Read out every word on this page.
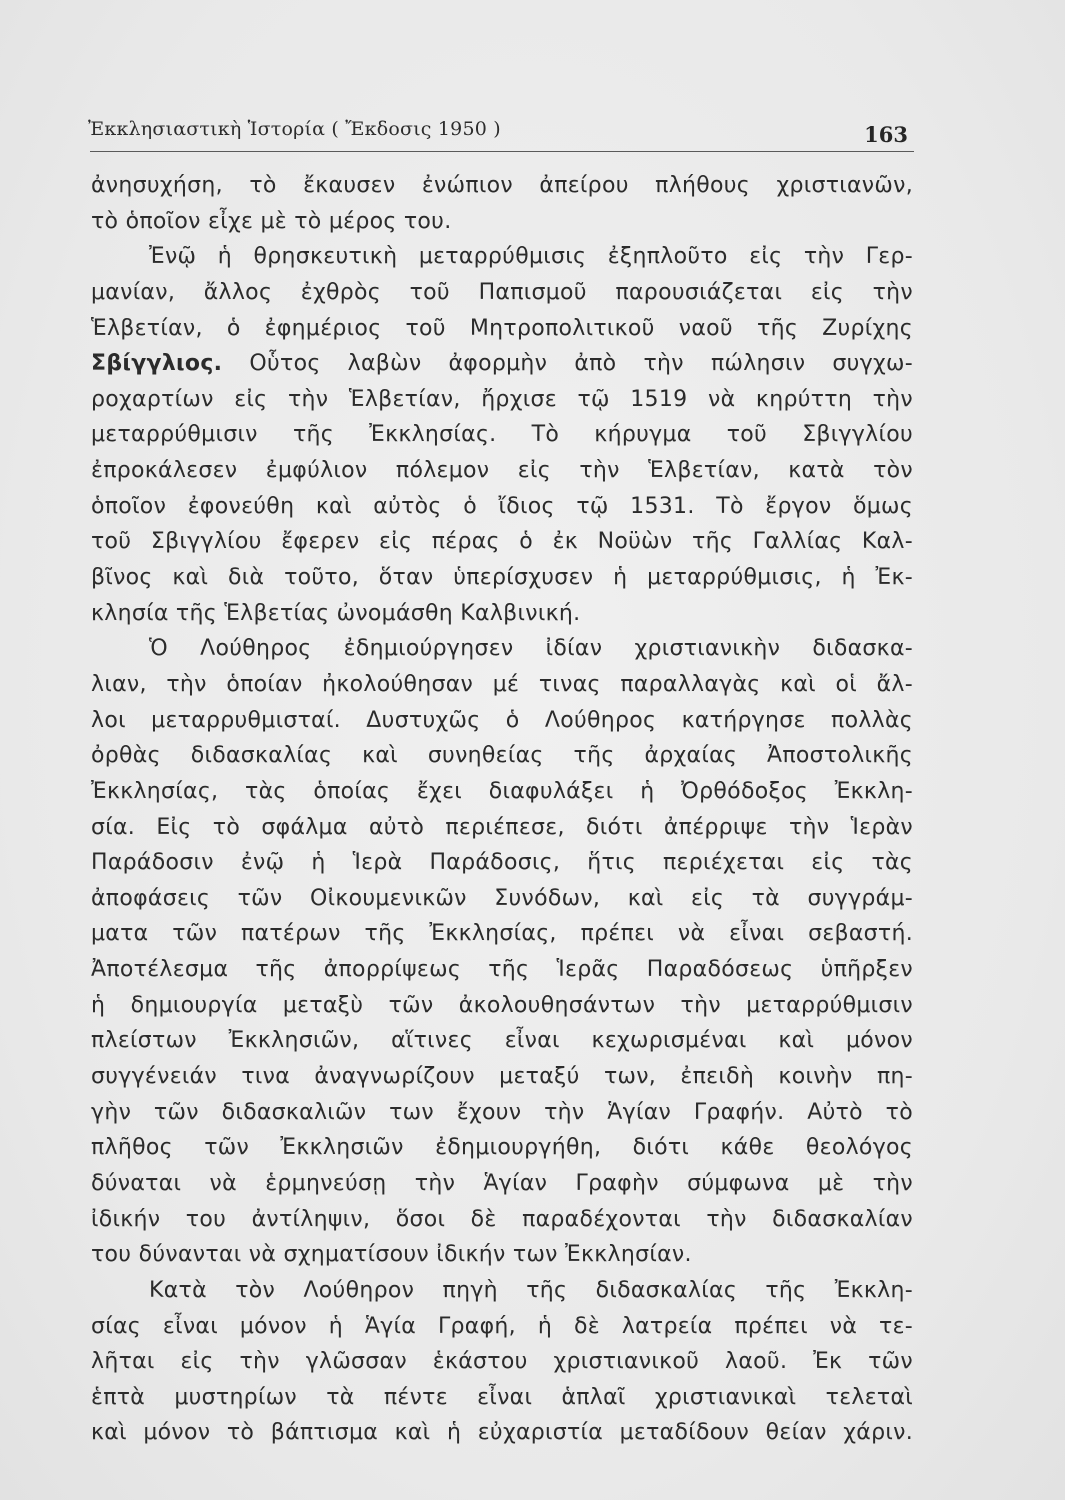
Ἐκκλησιαστικὴ Ἱστορία ( Ἔκδοσις 1950 )	163
ἀνησυχήση, τὸ ἔκαυσεν ἐνώπιον ἀπείρου πλήθους χριστιανῶν,
τὸ ὁποῖον εἶχε μὲ τὸ μέρος του.
Ἐνῷ ἡ θρησκευτικὴ μεταρρύθμισις ἐξηπλοῦτο εἰς τὴν Γερ-
μανίαν, ἄλλος ἐχθρὸς τοῦ Παπισμοῦ παρουσιάζεται εἰς τὴν
Ἑλβετίαν, ὁ ἐφημέριος τοῦ Μητροπολιτικοῦ ναοῦ τῆς Ζυρίχης
Σβίγγλιος. Οὗτος λαβὼν ἀφορμὴν ἀπὸ τὴν πώλησιν συγχω-
ροχαρτίων εἰς τὴν Ἑλβετίαν, ἤρχισε τῷ 1519 νὰ κηρύττη τὴν
μεταρρύθμισιν τῆς Ἐκκλησίας. Τὸ κήρυγμα τοῦ Σβιγγλίου
ἐπροκάλεσεν ἐμφύλιον πόλεμον εἰς τὴν Ἑλβετίαν, κατὰ τὸν
ὁποῖον ἐφονεύθη καὶ αὐτὸς ὁ ἴδιος τῷ 1531. Τὸ ἔργον ὅμως
τοῦ Σβιγγλίου ἔφερεν εἰς πέρας ὁ ἐκ Νοϋὼν τῆς Γαλλίας Καλ-
βῖνος καὶ διὰ τοῦτο, ὅταν ὑπερίσχυσεν ἡ μεταρρύθμισις, ἡ Ἐκ-
κλησία τῆς Ἑλβετίας ὠνομάσθη Καλβινική.
Ὁ Λούθηρος ἐδημιούργησεν ἰδίαν χριστιανικὴν διδασκα-
λιαν, τὴν ὁποίαν ἠκολούθησαν μέ τινας παραλλαγὰς καὶ οἱ ἄλ-
λοι μεταρρυθμισταί. Δυστυχῶς ὁ Λούθηρος κατήργησε πολλὰς
ὀρθὰς διδασκαλίας καὶ συνηθείας τῆς ἀρχαίας Ἀποστολικῆς
Ἐκκλησίας, τὰς ὁποίας ἔχει διαφυλάξει ἡ Ὀρθόδοξος Ἐκκλη-
σία. Εἰς τὸ σφάλμα αὐτὸ περιέπεσε, διότι ἀπέρριψε τὴν Ἱερὰν
Παράδοσιν ἐνῷ ἡ Ἱερὰ Παράδοσις, ἥτις περιέχεται εἰς τὰς
ἀποφάσεις τῶν Οἰκουμενικῶν Συνόδων, καὶ εἰς τὰ συγγράμ-
ματα τῶν πατέρων τῆς Ἐκκλησίας, πρέπει νὰ εἶναι σεβαστή.
Ἀποτέλεσμα τῆς ἀπορρίψεως τῆς Ἱερᾶς Παραδόσεως ὑπῆρξεν
ἡ δημιουργία μεταξὺ τῶν ἀκολουθησάντων τὴν μεταρρύθμισιν
πλείστων Ἐκκλησιῶν, αἵτινες εἶναι κεχωρισμέναι καὶ μόνον
συγγένειάν τινα ἀναγνωρίζουν μεταξύ των, ἐπειδὴ κοινὴν πη-
γὴν τῶν διδασκαλιῶν των ἔχουν τὴν Ἁγίαν Γραφήν. Αὐτὸ τὸ
πλῆθος τῶν Ἐκκλησιῶν ἐδημιουργήθη, διότι κάθε θεολόγος
δύναται νὰ ἑρμηνεύσῃ τὴν Ἁγίαν Γραφὴν σύμφωνα μὲ τὴν
ἰδικήν του ἀντίληψιν, ὅσοι δὲ παραδέχονται τὴν διδασκαλίαν
του δύνανται νὰ σχηματίσουν ἰδικήν των Ἐκκλησίαν.
Κατὰ τὸν Λούθηρον πηγὴ τῆς διδασκαλίας τῆς Ἐκκλη-
σίας εἶναι μόνον ἡ Ἁγία Γραφή, ἡ δὲ λατρεία πρέπει νὰ τε-
λῆται εἰς τὴν γλῶσσαν ἑκάστου χριστιανικοῦ λαοῦ. Ἐκ τῶν
ἑπτὰ μυστηρίων τὰ πέντε εἶναι ἁπλαῖ χριστιανικαὶ τελεταὶ
καὶ μόνον τὸ βάπτισμα καὶ ἡ εὐχαριστία μεταδίδουν θείαν χάριν.
